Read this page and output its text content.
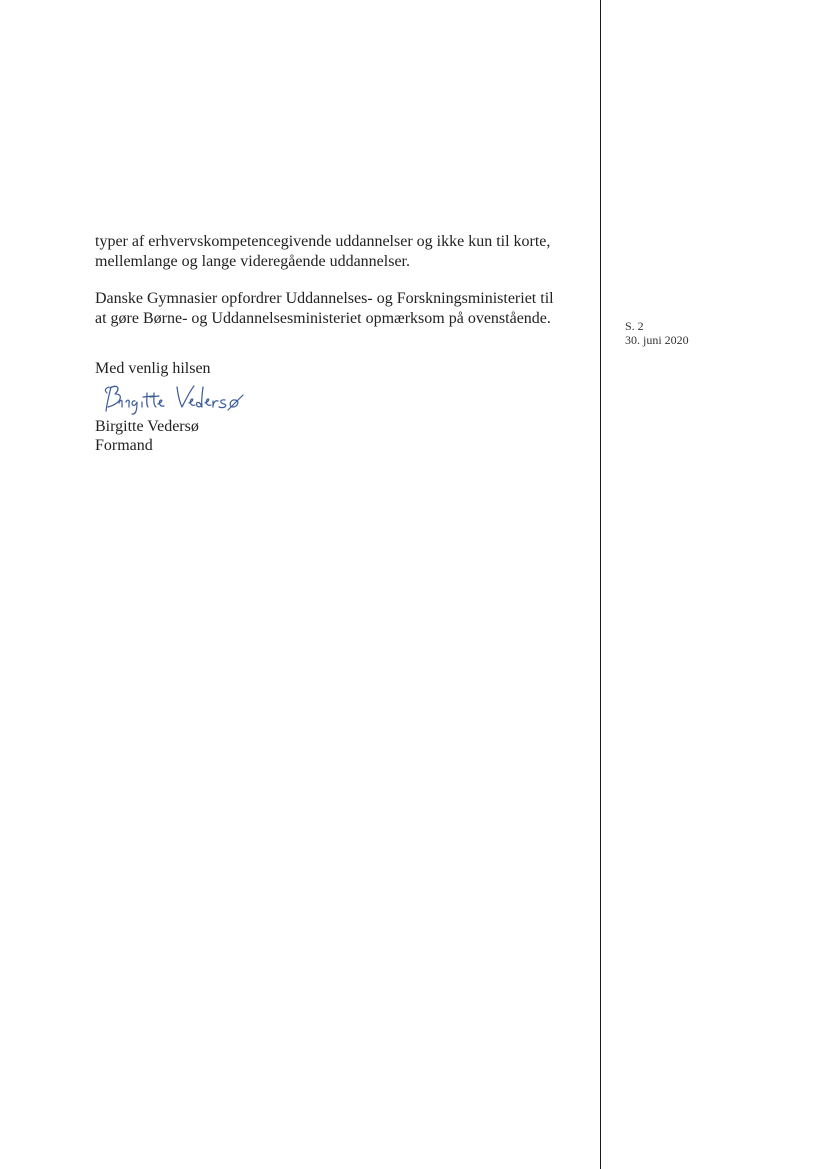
typer af erhvervskompetencegivende uddannelser og ikke kun til korte,
mellemlange og lange videregående uddannelser.

Danske Gymnasier opfordrer Uddannelses- og Forskningsministeriet til
at gøre Børne- og Uddannelsesministeriet opmærksom på ovenstående.	S. 2
30. juni 2020
Med venlig hilsen
Birgitte Vedersø
Formand
